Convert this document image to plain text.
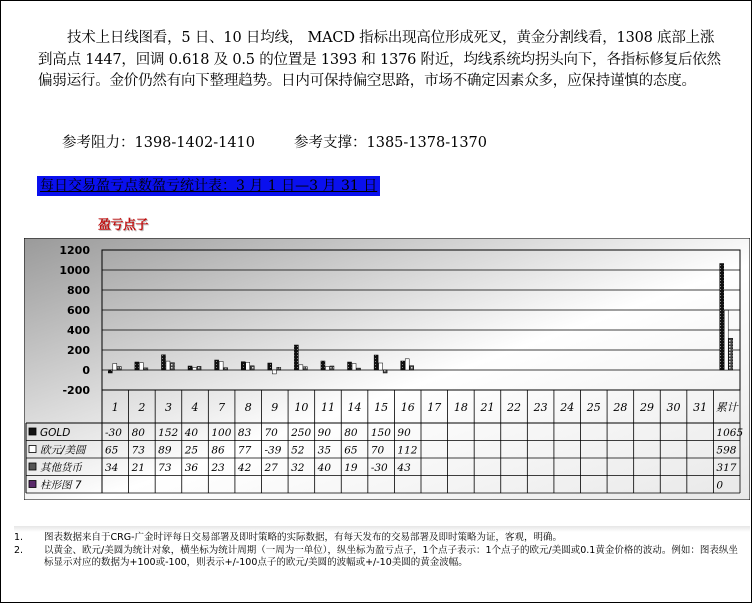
技术上日线图看，5 日、10 日均线， MACD 指标出现高位形成死叉，黄金分割线看，1308 底部上涨到高点 1447，回调 0.618 及 0.5 的位置是 1393 和 1376 附近，均线系统均拐头向下，各指标修复后依然偏弱运行。金价仍然有向下整理趋势。日内可保持偏空思路，市场不确定因素众多，应保持谨慎的态度。

参考阻力：1398-1402-1410	参考支撑：1385-1378-1370
每日交易盈亏点数盈亏统计表：3 月 1 日—3 月 31 日
盈亏点子
-200
0
200
400
600
800
1000
1200
1 2 3 4 7 8 9 10 11 14 15 16 17 18 21 22 23 24 25 28 29 30 31 累计
GOLD	-30 80 152 40 100 83 70 250 90 80 150 90	1065
欧元/美圆 65 73 89 25 86 77 -39 52 35 65 70 112	598
其他货币 34 21 73 36 23 42 27 32 40 19 -30 43	317
柱形图 7	0
1. 图表数据来自于CRG-广金时评每日交易部署及即时策略的实际数据，有每天发布的交易部署及即时策略为证，客观，明确。
2. 以黄金、欧元/美圆为统计对象，横坐标为统计周期（一周为一单位），纵坐标为盈亏点子，1个点子表示：1个点子的欧元/美圆或0.1黄金价格的波动。例如：图表纵坐标显示对应的数据为+100或-100，则表示+/-100点子的欧元/美圆的波幅或+/-10美圆的黄金波幅。
